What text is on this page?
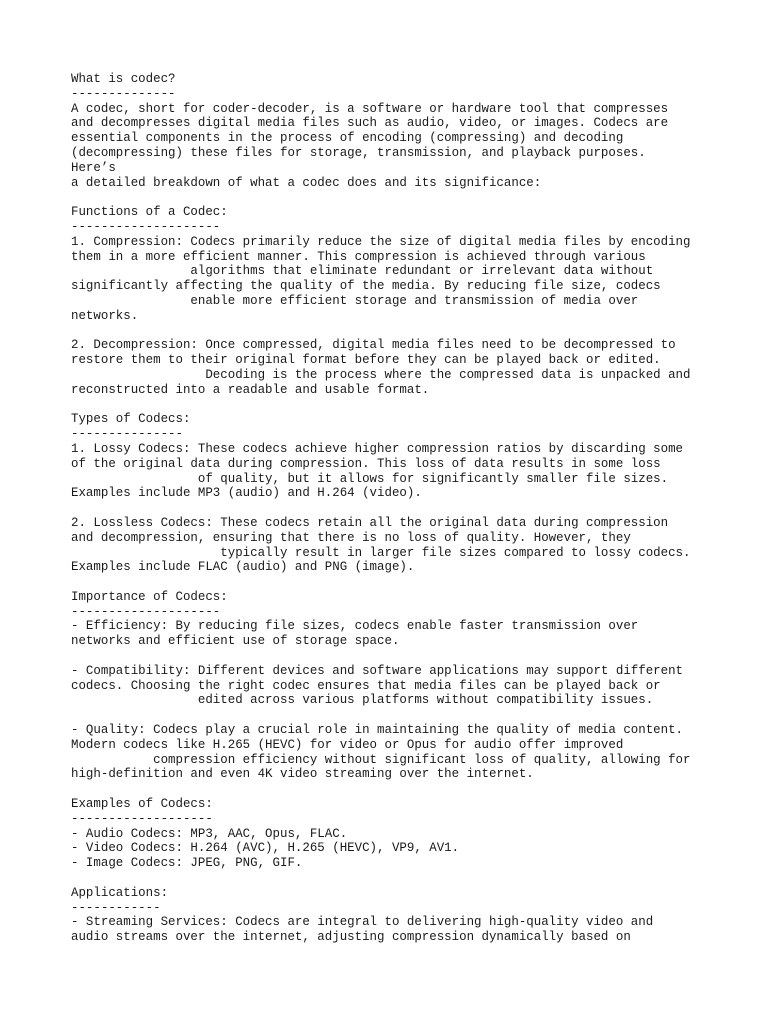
What is codec?
--------------
A codec, short for coder-decoder, is a software or hardware tool that compresses
and decompresses digital media files such as audio, video, or images. Codecs are
essential components in the process of encoding (compressing) and decoding
(decompressing) these files for storage, transmission, and playback purposes.
Here’s
a detailed breakdown of what a codec does and its significance:
Functions of a Codec:
--------------------
1. Compression: Codecs primarily reduce the size of digital media files by encoding
them in a more efficient manner. This compression is achieved through various
algorithms that eliminate redundant or irrelevant data without
significantly affecting the quality of the media. By reducing file size, codecs
enable more efficient storage and transmission of media over
networks.
2. Decompression: Once compressed, digital media files need to be decompressed to
restore them to their original format before they can be played back or edited.
Decoding is the process where the compressed data is unpacked and
reconstructed into a readable and usable format.
Types of Codecs:
---------------
1. Lossy Codecs: These codecs achieve higher compression ratios by discarding some
of the original data during compression. This loss of data results in some loss
of quality, but it allows for significantly smaller file sizes.
Examples include MP3 (audio) and H.264 (video).
2. Lossless Codecs: These codecs retain all the original data during compression
and decompression, ensuring that there is no loss of quality. However, they
typically result in larger file sizes compared to lossy codecs.
Examples include FLAC (audio) and PNG (image).
Importance of Codecs:
--------------------
- Efficiency: By reducing file sizes, codecs enable faster transmission over
networks and efficient use of storage space.
- Compatibility: Different devices and software applications may support different
codecs. Choosing the right codec ensures that media files can be played back or
edited across various platforms without compatibility issues.
- Quality: Codecs play a crucial role in maintaining the quality of media content.
Modern codecs like H.265 (HEVC) for video or Opus for audio offer improved
compression efficiency without significant loss of quality, allowing for
high-definition and even 4K video streaming over the internet.
Examples of Codecs:
-------------------
- Audio Codecs: MP3, AAC, Opus, FLAC.
- Video Codecs: H.264 (AVC), H.265 (HEVC), VP9, AV1.
- Image Codecs: JPEG, PNG, GIF.
Applications:
------------
- Streaming Services: Codecs are integral to delivering high-quality video and
audio streams over the internet, adjusting compression dynamically based on
